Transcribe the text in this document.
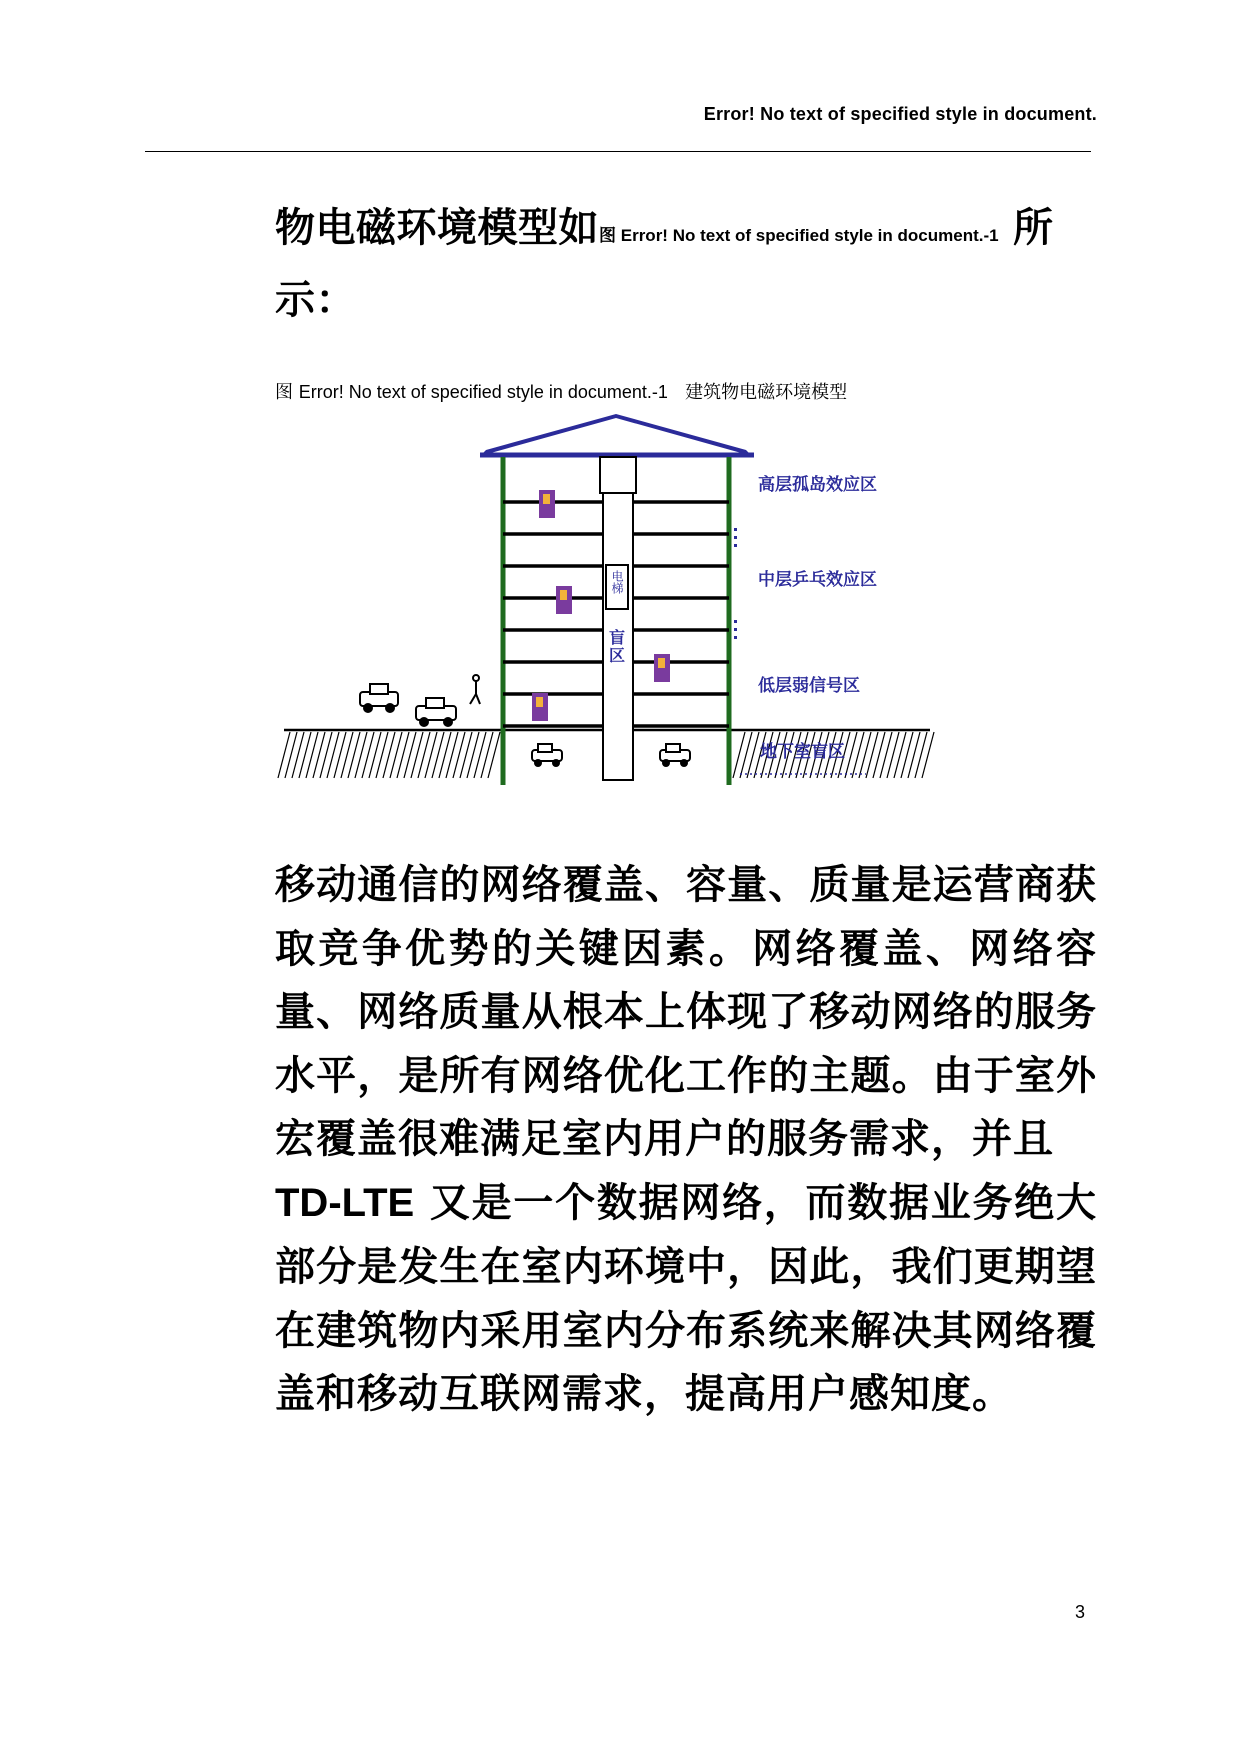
Error! No text of specified style in document.
物电磁环境模型如图 Error! No text of specified style in document.-1 所
示：
图 Error! No text of specified style in document.-1 建筑物电磁环境模型
电梯
盲
区
高层孤岛效应区
中层乒乓效应区
低层弱信号区
地下室盲区
移动通信的网络覆盖、容量、质量是运营商获取竞争优势的关键因素。网络覆盖、网络容量、网络质量从根本上体现了移动网络的服务水平，是所有网络优化工作的主题。由于室外宏覆盖很难满足室内用户的服务需求，并且
TD-LTE 又是一个数据网络，而数据业务绝大部分是发生在室内环境中，因此，我们更期望在建筑物内采用室内分布系统来解决其网络覆盖和移动互联网需求，提高用户感知度。
3
